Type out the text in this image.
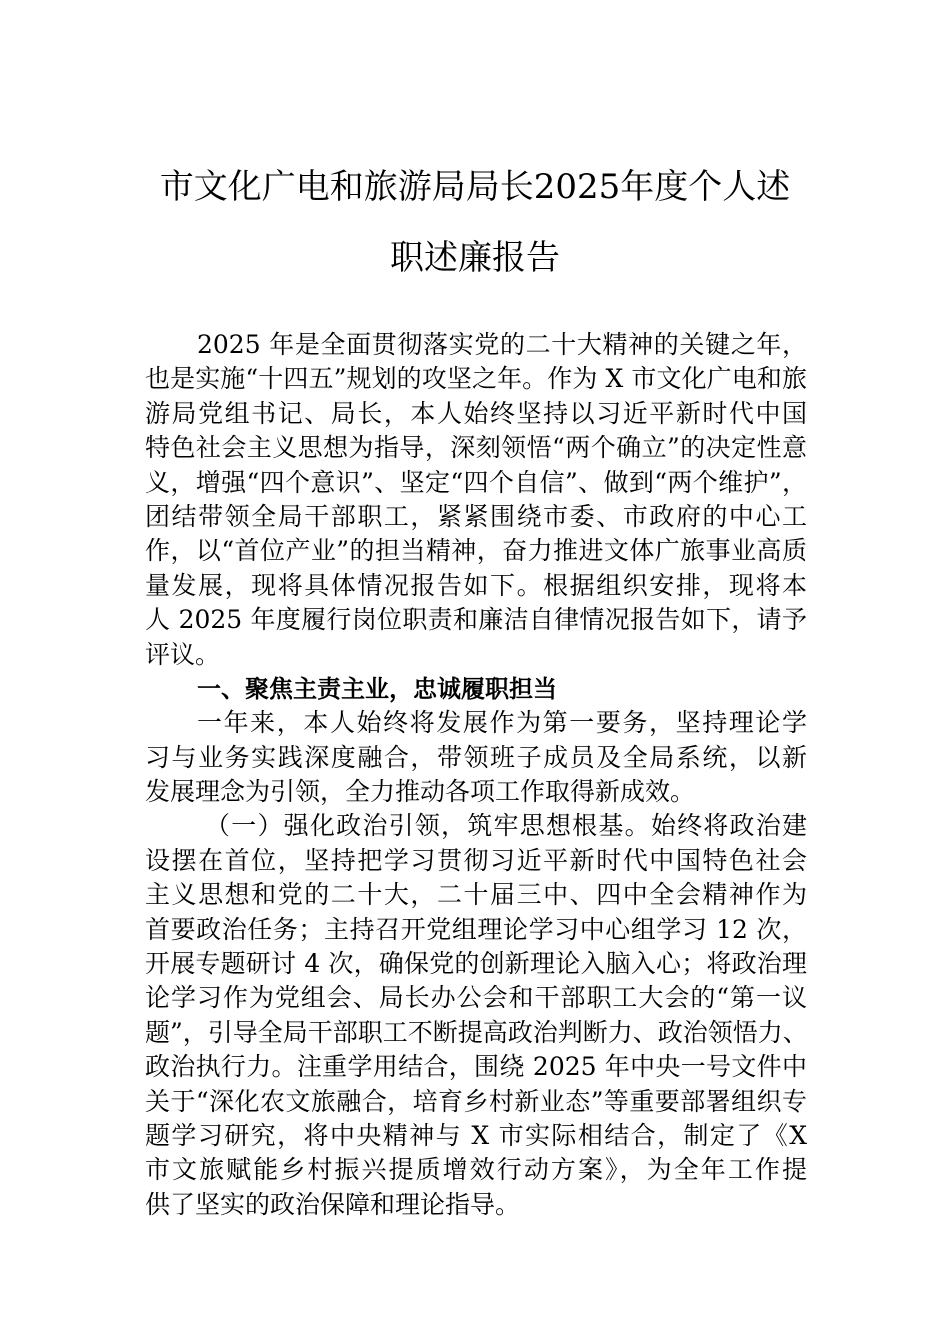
市文化广电和旅游局局长2025年度个人述
职述廉报告
2025 年是全面贯彻落实党的二十大精神的关键之年，
也是实施“十四五”规划的攻坚之年。作为 X 市文化广电和旅
游局党组书记、局长，本人始终坚持以习近平新时代中国
特色社会主义思想为指导，深刻领悟“两个确立”的决定性意
义，增强“四个意识”、坚定“四个自信”、做到“两个维护”，
团结带领全局干部职工，紧紧围绕市委、市政府的中心工
作，以“首位产业”的担当精神，奋力推进文体广旅事业高质
量发展，现将具体情况报告如下。根据组织安排，现将本
人 2025 年度履行岗位职责和廉洁自律情况报告如下，请予
评议。
一、聚焦主责主业，忠诚履职担当
一年来，本人始终将发展作为第一要务，坚持理论学
习与业务实践深度融合，带领班子成员及全局系统，以新
发展理念为引领，全力推动各项工作取得新成效。
（一）强化政治引领，筑牢思想根基。始终将政治建
设摆在首位，坚持把学习贯彻习近平新时代中国特色社会
主义思想和党的二十大，二十届三中、四中全会精神作为
首要政治任务；主持召开党组理论学习中心组学习 12 次，
开展专题研讨 4 次，确保党的创新理论入脑入心；将政治理
论学习作为党组会、局长办公会和干部职工大会的“第一议
题”，引导全局干部职工不断提高政治判断力、政治领悟力、
政治执行力。注重学用结合，围绕 2025 年中央一号文件中
关于“深化农文旅融合，培育乡村新业态”等重要部署组织专
题学习研究，将中央精神与 X 市实际相结合，制定了《X
市文旅赋能乡村振兴提质增效行动方案》，为全年工作提
供了坚实的政治保障和理论指导。
